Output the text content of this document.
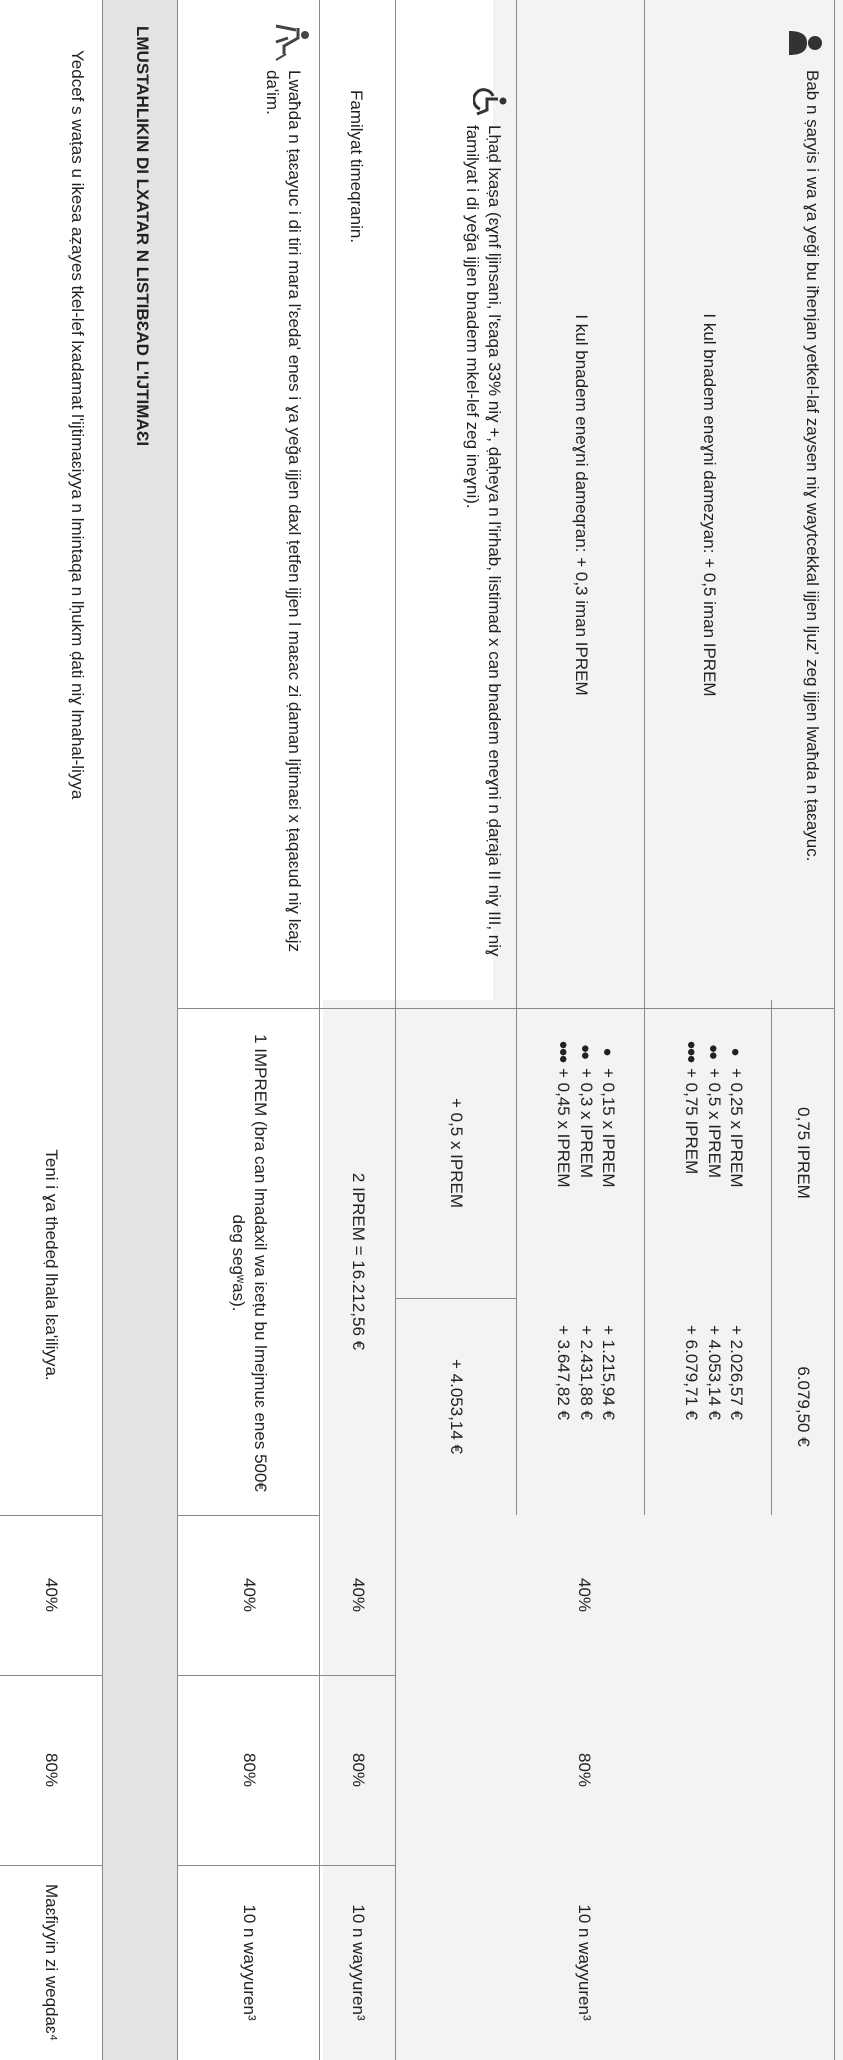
Bab n ṣaṛyis i wa ɣa yeǧi bu iħenjan yetkel-laf zaysen niɣ waytcekkal ijjen ljuz’ zeg ijjen lwaħda n ṭaɛayuc.
0,75 IPREM
6.079,50 €
I kul bnadem eneɣni damezyan: + 0,5 iman IPREM
●+ 0,25 x IPREM
●●+ 0,5 x IPREM
●●●+ 0,75 IPREM
+ 2.026,57 €
+ 4.053,14 €
+ 6.079,71 €
I kul bnadem eneɣni dameqran: + 0,3 iman IPREM
●+ 0,15 x IPREM
●●+ 0,3 x IPREM
●●●+ 0,45 x IPREM
+ 1.215,94 €
+ 2.431,88 €
+ 3.647,82 €
40%
80%
10 n wayyuren³
Lḥaḍ lxaṣa (ɛɣnf ljinsani, l'ɛaqa 33% niɣ +, ḍaḥeya n l'irhab, listimad x can bnadem eneɣni n ḍaṛaja II niɣ III, niɣ familyat i di yeǧa ijjen bnadem mkel-lef zeg ineɣni).
+ 0,5 x IPREM
+ 4.053,14 €
Familyat timeqranin.
2 IPREM = 16.212,56 €
40%
80%
10 n wayyuren³
Lwaħda n ṭaɛayuc i di tiri mara l'ɛeda' enes i ɣa yeǧa ijjen daxl ṭetfen ijjen l maɛac zi ḍaman ljtimaɛi x ṭaqaɛud niɣ lɛajz da'im.
1 IMPREM (bra can lmadaxil wa iɛeṭu bu lmejmuɛ enes 500€ deg segʷas).
40%
80%
10 n wayyuren³
LMUSTAHLIKIN DI LXATAR N LISTIBƐAD L'IJTIMAƐI
Yedcef s waṭas u ikesa aẓayes tkel-lef lxadamat l'ijtimaɛiyya n lmintaqa n lḥukm ḍati niɣ lmahal-liyya
Teni i ɣa thedeḍ lhala lɛa'iliyya.
40%
80%
Maɛfiyyin zi weqdaɛ⁴
